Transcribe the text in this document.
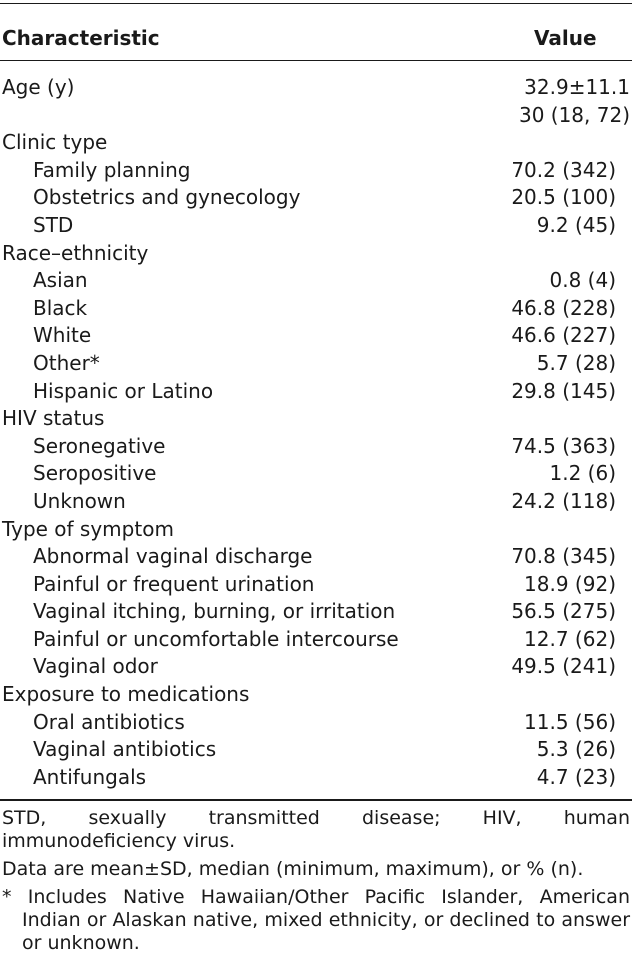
Characteristic	Value
Age (y)	32.9±11.1
30 (18, 72)
Clinic type
Family planning	70.2 (342)
Obstetrics and gynecology	20.5 (100)
STD	9.2 (45)
Race–ethnicity
Asian	0.8 (4)
Black	46.8 (228)
White	46.6 (227)
Other*	5.7 (28)
Hispanic or Latino	29.8 (145)
HIV status
Seronegative	74.5 (363)
Seropositive	1.2 (6)
Unknown	24.2 (118)
Type of symptom
Abnormal vaginal discharge	70.8 (345)
Painful or frequent urination	18.9 (92)
Vaginal itching, burning, or irritation	56.5 (275)
Painful or uncomfortable intercourse	12.7 (62)
Vaginal odor	49.5 (241)
Exposure to medications
Oral antibiotics	11.5 (56)
Vaginal antibiotics	5.3 (26)
Antifungals	4.7 (23)
STD, sexually transmitted disease; HIV, human immunodeficiency virus.
Data are mean±SD, median (minimum, maximum), or % (n).
* Includes Native Hawaiian/Other Pacific Islander, American Indian or Alaskan native, mixed ethnicity, or declined to answer or unknown.
